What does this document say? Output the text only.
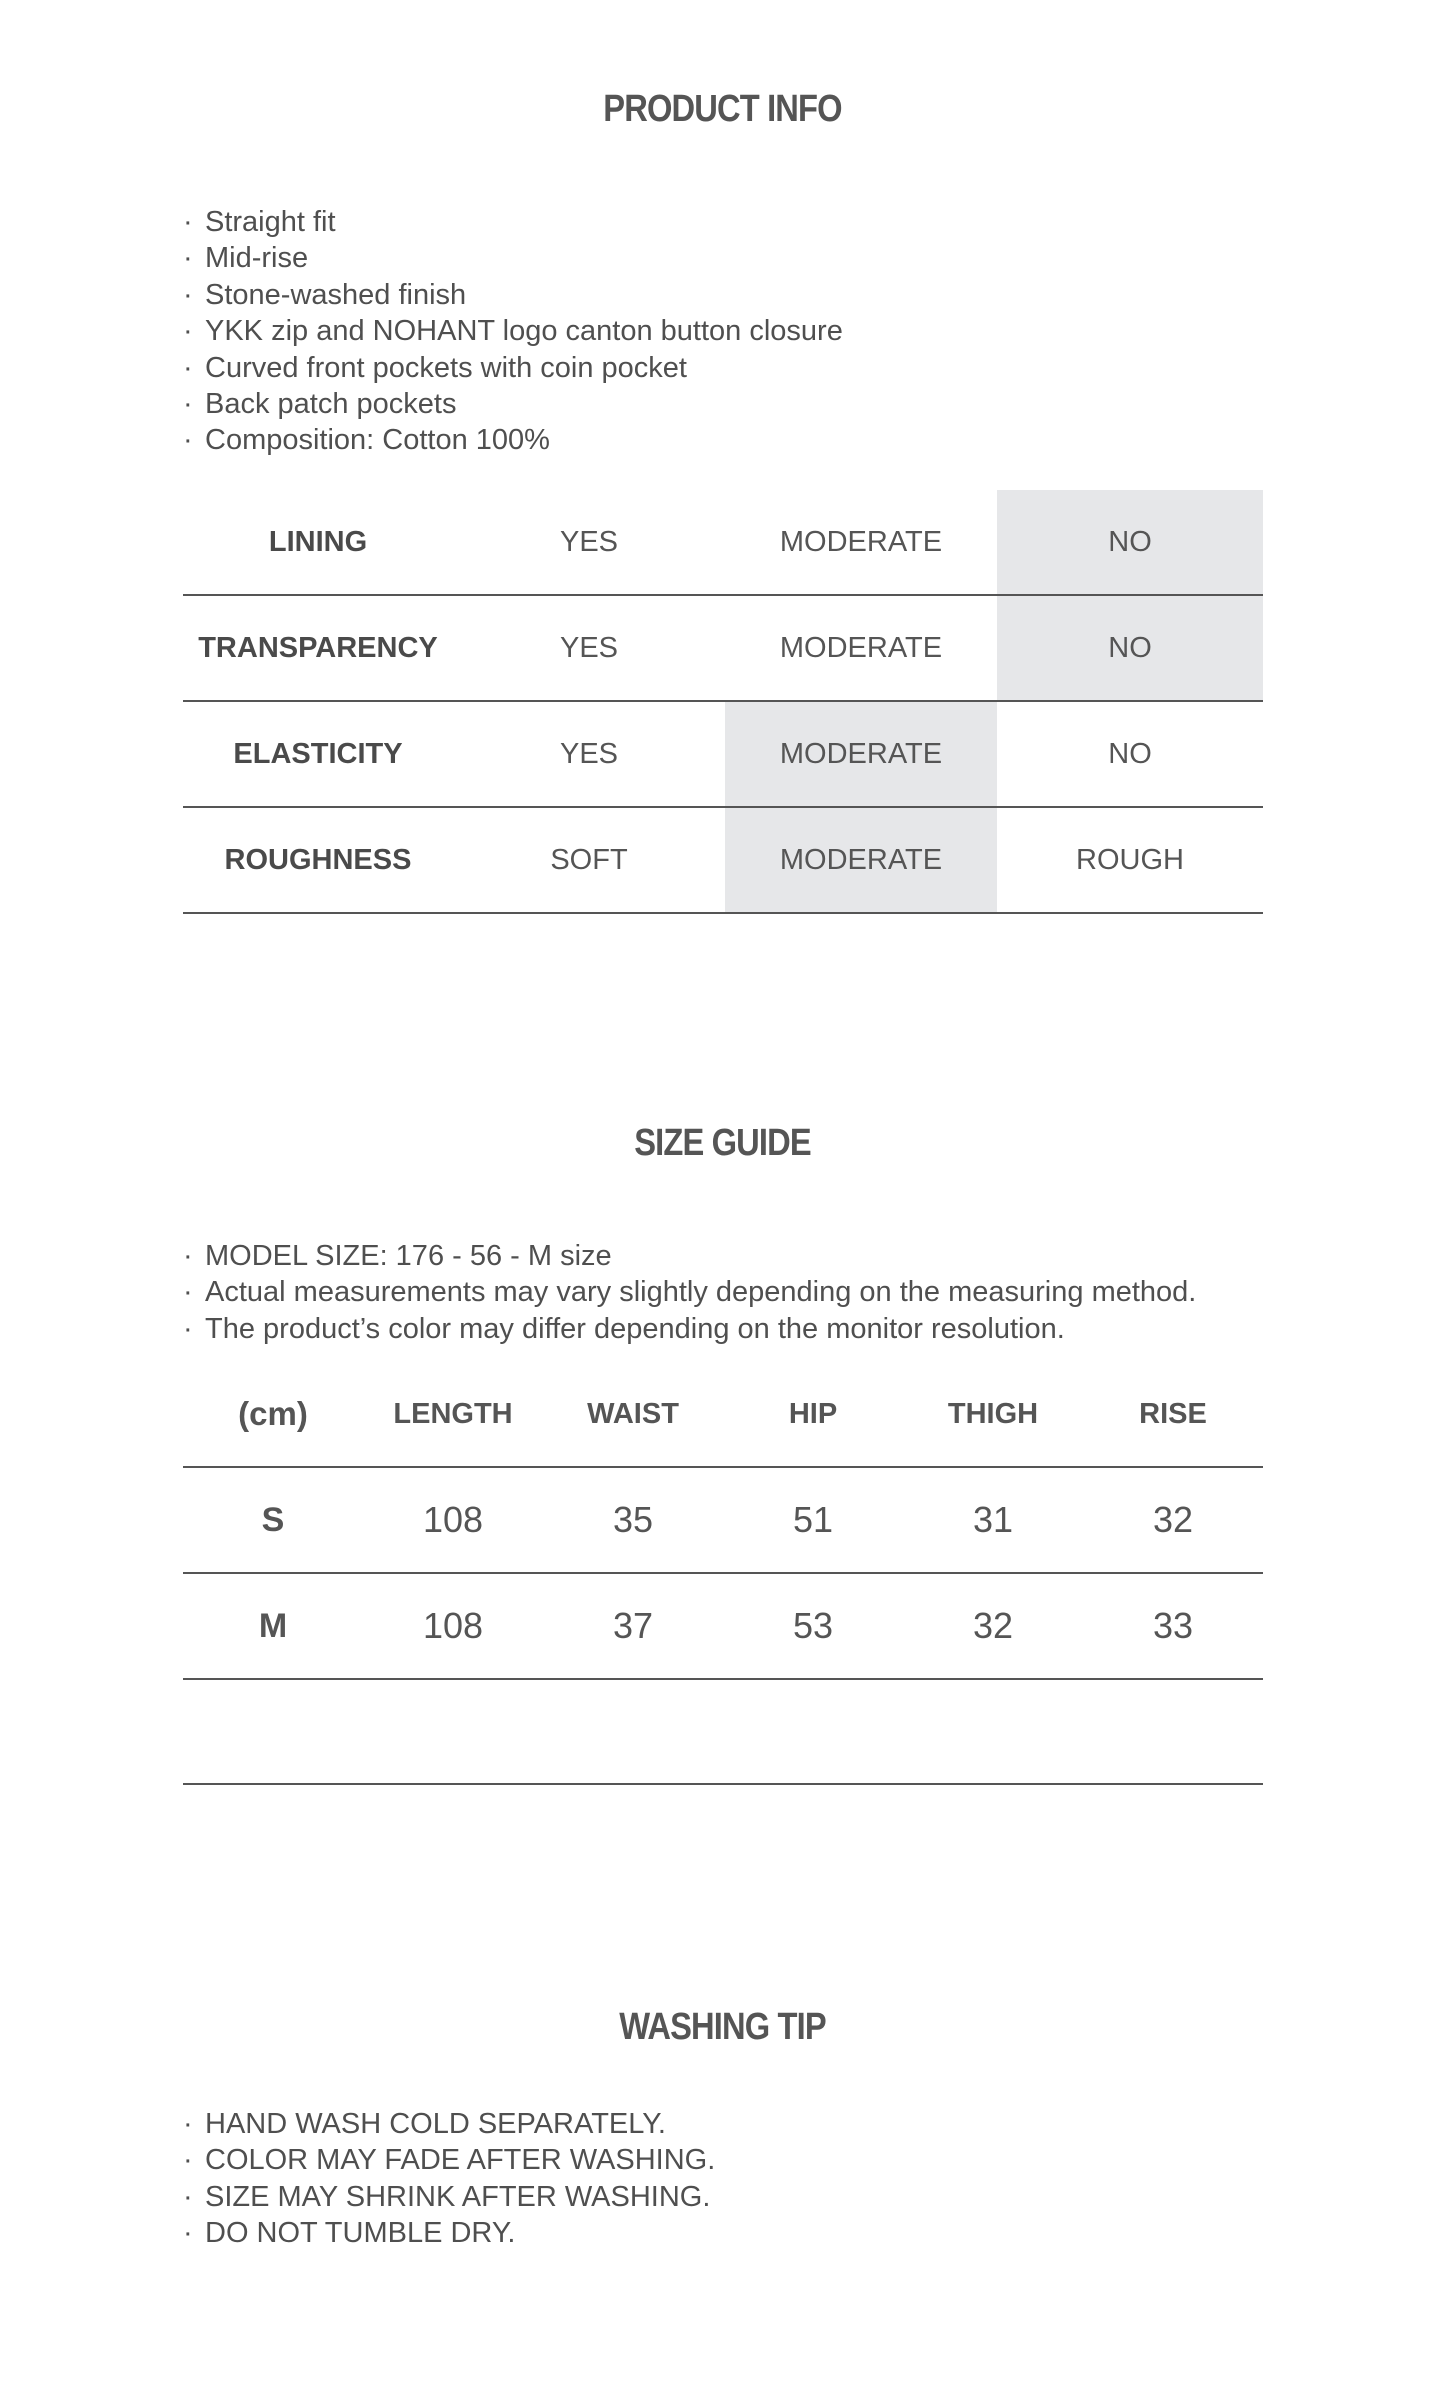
PRODUCT INFO
· Straight fit
· Mid-rise
· Stone-washed finish
· YKK zip and NOHANT logo canton button closure
· Curved front pockets with coin pocket
· Back patch pockets
· Composition: Cotton 100%
LINING	YES	MODERATE	NO
TRANSPARENCY	YES	MODERATE	NO
ELASTICITY	YES	MODERATE	NO
ROUGHNESS	SOFT	MODERATE	ROUGH
SIZE GUIDE
· MODEL SIZE: 176 - 56 - M size
· Actual measurements may vary slightly depending on the measuring method.
· The product’s color may differ depending on the monitor resolution.
(cm)	LENGTH	WAIST	HIP	THIGH	RISE
S	108	35	51	31	32
M	108	37	53	32	33

WASHING TIP
· HAND WASH COLD SEPARATELY.
· COLOR MAY FADE AFTER WASHING.
· SIZE MAY SHRINK AFTER WASHING.
· DO NOT TUMBLE DRY.
